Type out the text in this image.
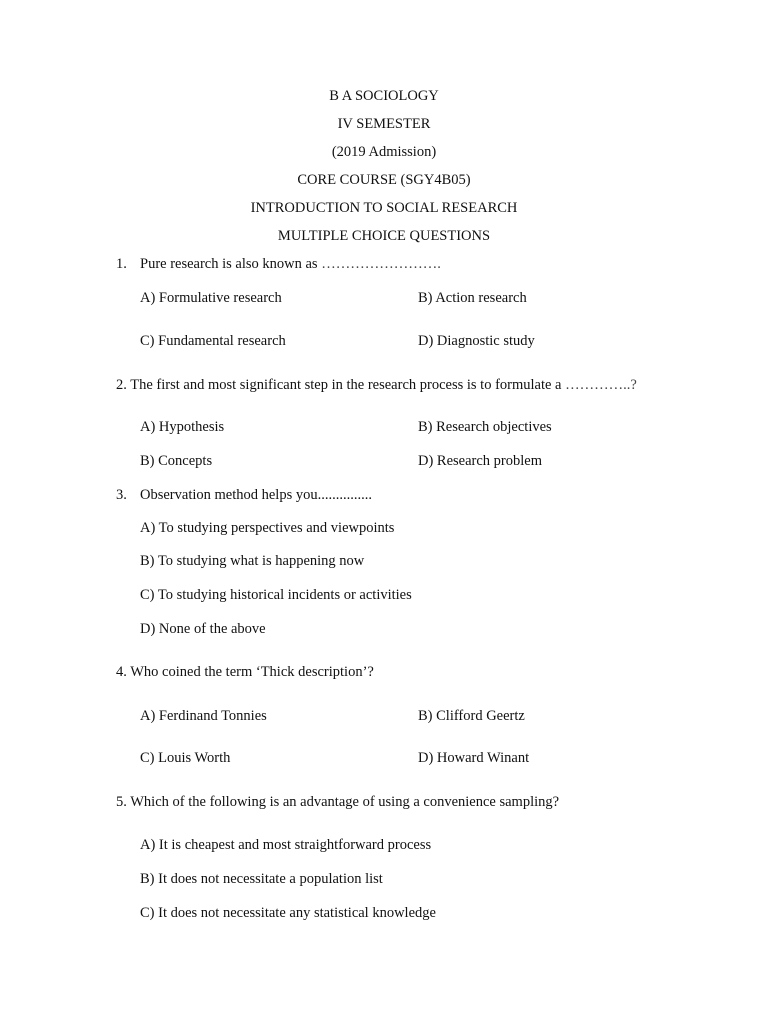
B A SOCIOLOGY
IV SEMESTER
(2019 Admission)
CORE COURSE (SGY4B05)
INTRODUCTION TO SOCIAL RESEARCH
MULTIPLE CHOICE QUESTIONS
1. Pure research is also known as …………………….
A) Formulative research	B) Action research
C) Fundamental research	D) Diagnostic study
2. The first and most significant step in the research process is to formulate a …………..?
A) Hypothesis	B) Research objectives
B) Concepts	D) Research problem
3. Observation method helps you...............
A) To studying perspectives and viewpoints
B) To studying what is happening now
C) To studying historical incidents or activities
D) None of the above
4. Who coined the term ‘Thick description’?
A) Ferdinand Tonnies	B) Clifford Geertz
C) Louis Worth	D) Howard Winant
5. Which of the following is an advantage of using a convenience sampling?
A) It is cheapest and most straightforward process
B) It does not necessitate a population list
C) It does not necessitate any statistical knowledge
